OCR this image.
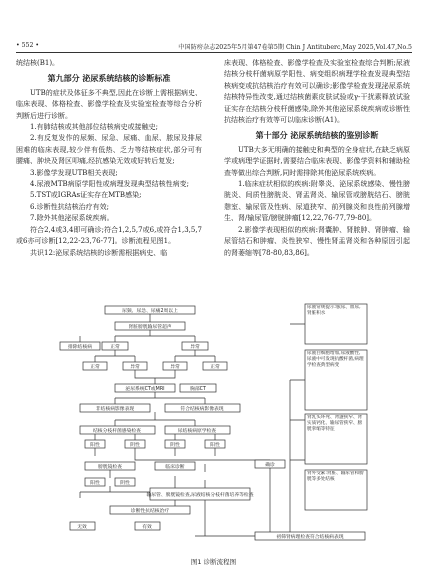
• 552 •	中国防痨杂志2025年5月第47卷第5期 Chin J Antituberc,May 2025,Vol.47,No.5

统结核(B1)。

第九部分 泌尿系统结核的诊断标准

UTB的症状及体征多不典型,因此在诊断上需根据病史、临床表现、体格检查、影像学检查及实验室检查等综合分析判断后进行诊断。

1.有肺结核或其他部位结核病史或接触史;

2.有反复发作的尿频、尿急、尿痛、血尿、脓尿及排尿困难的临床表现,较少伴有低热、乏力等结核症状,部分可有腰痛、肿块及肾区叩痛,经抗感染无效或好转后复发;

3.影像学发现UTB相关表现;

4.尿液MTB病原学阳性或病理发现典型结核性病变;

5.TST或IGRAs证实存在MTB感染;

6.诊断性抗结核治疗有效;

7.除外其他泌尿系统疾病。

符合2,4或3,4即可确诊;符合1,2,5,7或6,或符合1,3,5,7或6亦可诊断[12,22-23,76-77]。诊断流程见图1。

共识12:泌尿系统结核的诊断需根据病史、临

床表现、体格检查、影像学检查及实验室检查综合判断;尿液结核分枝杆菌病原学阳性、病变组织病理学检查发现典型结核病变或抗结核治疗有效可以确诊;影像学检查发现泌尿系统结核特异性改变,通过结核菌素皮肤试验或γ-干扰素释放试验证实存在结核分枝杆菌感染,除外其他泌尿系统疾病或诊断性抗结核治疗有效等可以临床诊断(A1)。

第十部分 泌尿系统结核的鉴别诊断

UTB大多无明确的接触史和典型的全身症状,在缺乏病原学或病理学证据时,需要结合临床表现、影像学资料和辅助检查等做出综合判断,同时需排除其他泌尿系统疾病。

1.临床症状相似的疾病:附睾炎、泌尿系统感染、慢性膀胱炎、间质性膀胱炎、肾盂肾炎、输尿管或膀胱结石、膀胱憩室、输尿管及性病、尿道狭窄、前列腺炎和良性前列腺增生、肾/输尿管/膀胱肿瘤[12,22,76-77,79-80]。

2.影像学表现相似的疾病:肾囊肿、肾脓肿、肾肿瘤、输尿管结石和肿瘤、炎性狭窄、慢性肾盂肾炎和各种原因引起的肾萎缩等[78-80,83,86]。

尿频、尿急、尿痛2周以上
肾脏膀胱输尿管超声
排除结核病	正常	异常
正常	异常	异常	正常
泌尿系统CT或MRI	胸部CT
非结核病影像表现	符合结核病影像表现
结核分枝杆菌感染检查	尿结核病原学检查
阳性	阴性	阴性	阳性
膀胱镜检查	临床诊断	确诊
阳性	阴性
诊断性抗结核治疗
无效	有效
输尿管、膀胱镜检查,尿液结核分枝杆菌培养等检查
初筛肾病理检查符合结核病表现
尿液常规提示:脓尿、血尿,肾脏积水
尿液白细胞增加,尿液酸性,尿液中可发现抗酸杆菌,病理学检查典型病变
肾乳头坏死、肾盏狭窄、肾实质钙化、输尿管狭窄、膀胱挛缩等特征
肾外受累:肾脏、输尿管和膀胱等多处结核
图1 诊断流程图
